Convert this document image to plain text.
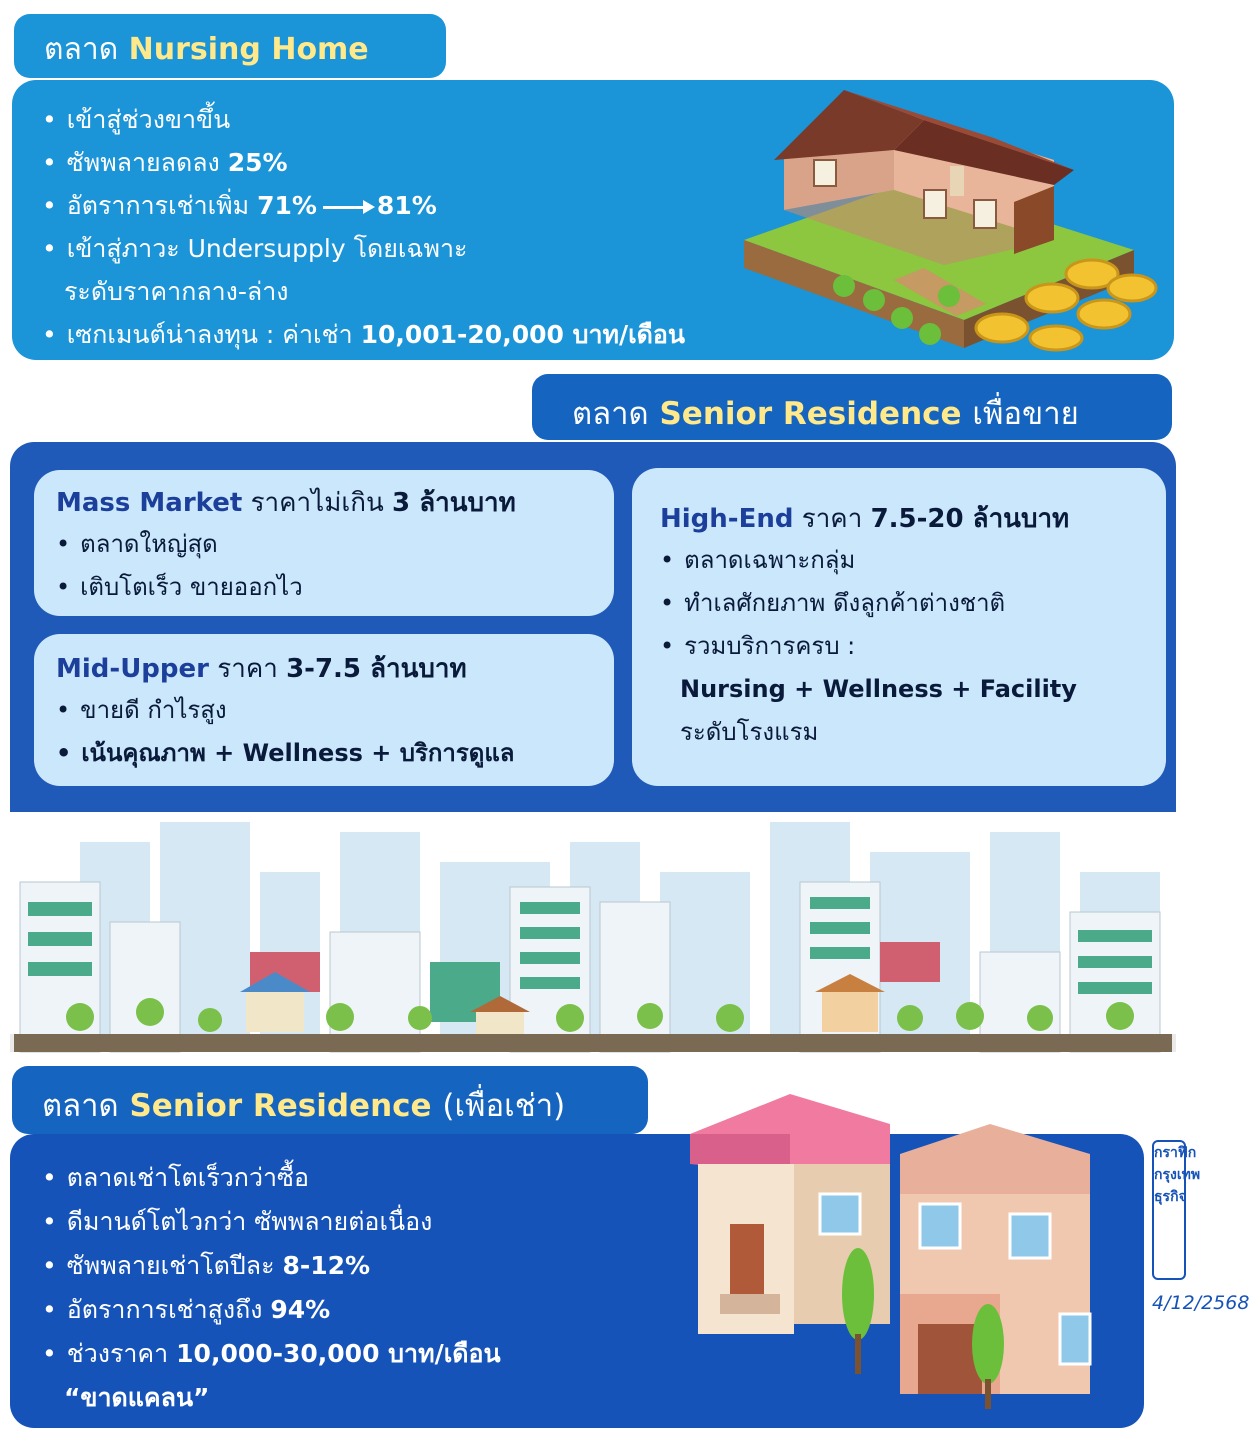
ตลาด Nursing Home
• เข้าสู่ช่วงขาขึ้น
• ซัพพลายลดลง 25%
• อัตราการเช่าเพิ่ม 71% 81%
• เข้าสู่ภาวะ Undersupply โดยเฉพาะ
ระดับราคากลาง-ล่าง
• เซกเมนต์น่าลงทุน : ค่าเช่า 10,001-20,000 บาท/เดือน
ตลาด Senior Residence เพื่อขาย
Mass Market ราคาไม่เกิน 3 ล้านบาท
• ตลาดใหญ่สุด
• เติบโตเร็ว ขายออกไว
Mid-Upper ราคา 3-7.5 ล้านบาท
• ขายดี กำไรสูง
• เน้นคุณภาพ + Wellness + บริการดูแล
High-End ราคา 7.5-20 ล้านบาท
• ตลาดเฉพาะกลุ่ม
• ทำเลศักยภาพ ดึงลูกค้าต่างชาติ
• รวมบริการครบ :
Nursing + Wellness + Facility
ระดับโรงแรม
ตลาด Senior Residence (เพื่อเช่า)
• ตลาดเช่าโตเร็วกว่าซื้อ
• ดีมานด์โตไวกว่า ซัพพลายต่อเนื่อง
• ซัพพลายเช่าโตปีละ 8-12%
• อัตราการเช่าสูงถึง 94%
• ช่วงราคา 10,000-30,000 บาท/เดือน
“ขาดแคลน”
กราฟิก กรุงเทพธุรกิจ
4/12/2568
